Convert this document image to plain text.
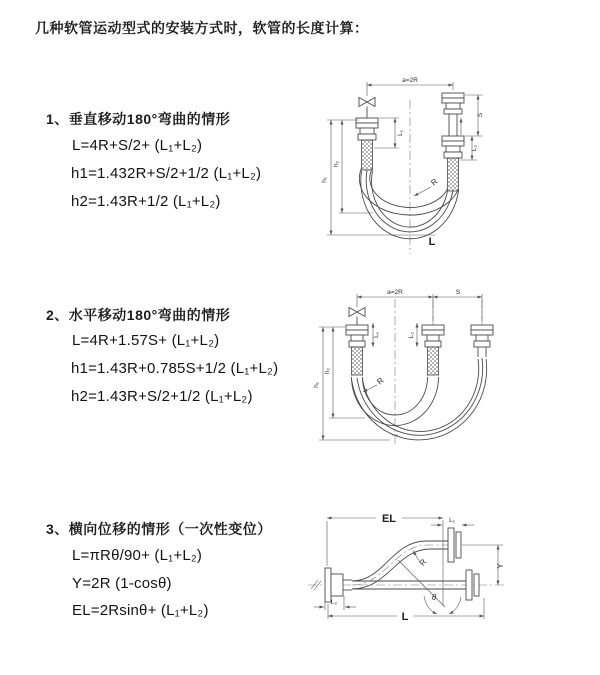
几种软管运动型式的安装方式时，软管的长度计算：
1、垂直移动180°弯曲的情形
L=4R+S/2+ (L₁+L₂)
h1=1.432R+S/2+1/2 (L₁+L₂)
h2=1.43R+1/2 (L₁+L₂)
2、水平移动180°弯曲的情形
L=4R+1.57S+ (L₁+L₂)
h1=1.43R+0.785S+1/2 (L₁+L₂)
h2=1.43R+S/2+1/2 (L₁+L₂)
3、横向位移的情形（一次性变位）
L=πRθ/90+ (L₁+L₂)
Y=2R (1-cosθ)
EL=2Rsinθ+ (L₁+L₂)
a=2R
L₁
S
L₂
h₂
h₁	R
L
a=2R	S
L₁	L₂
h₂
h₁	R
EL	L₁
Y
L₂
L
R
θ
